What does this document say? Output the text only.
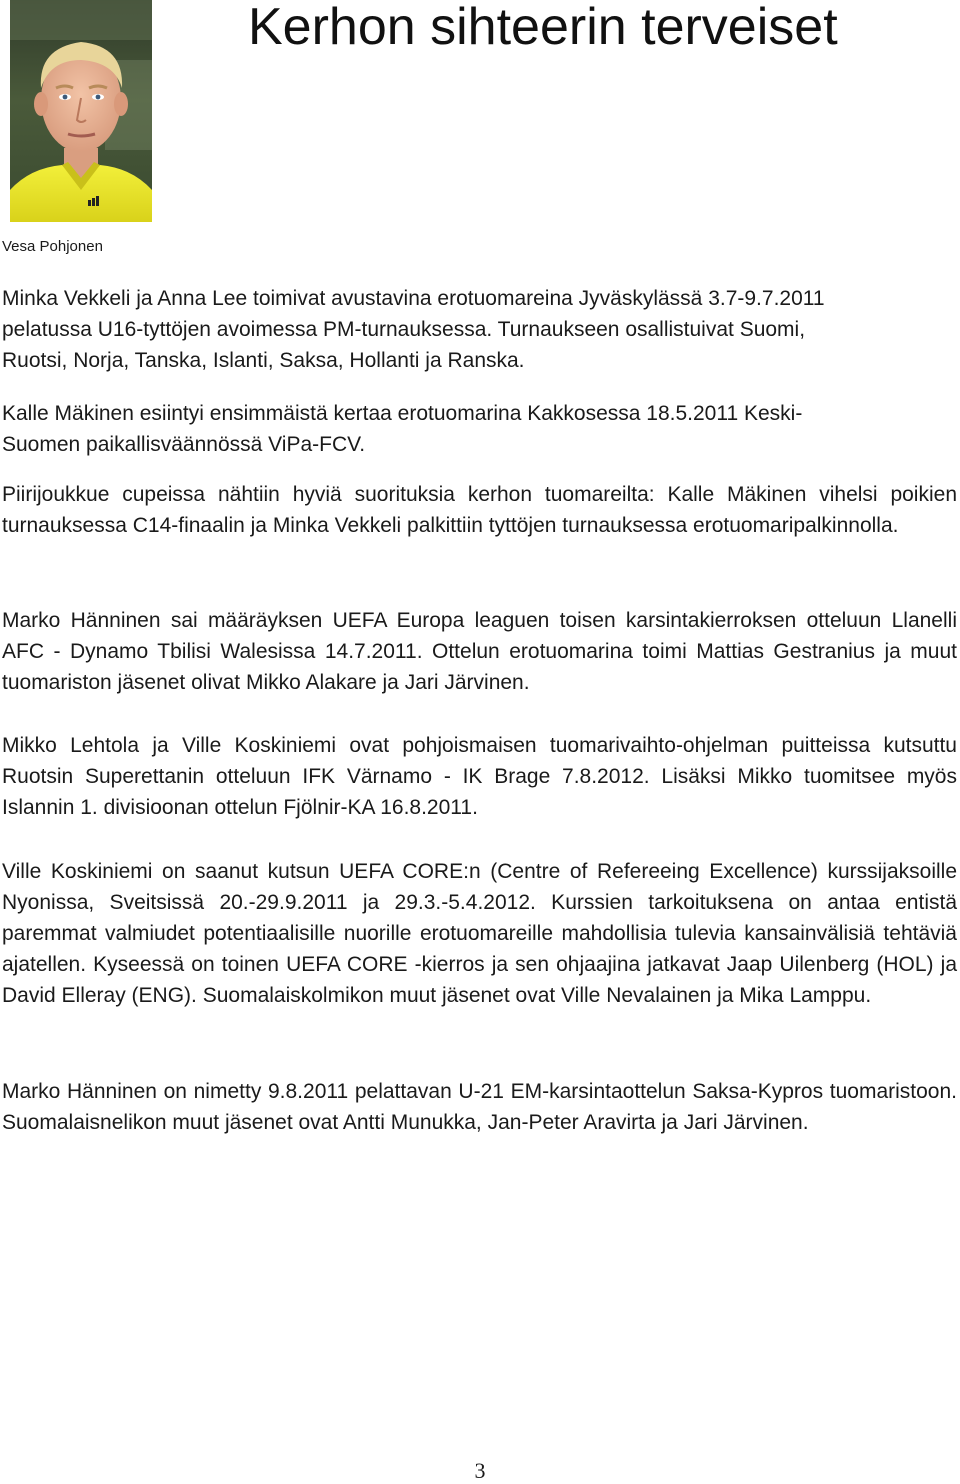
Kerhon sihteerin terveiset

Vesa Pohjonen

Minka Vekkeli ja Anna Lee toimivat avustavina erotuomareina Jyväskylässä 3.7-9.7.2011
pelatussa U16-tyttöjen avoimessa PM-turnauksessa. Turnaukseen osallistuivat Suomi,
Ruotsi, Norja, Tanska, Islanti, Saksa, Hollanti ja Ranska.

Kalle Mäkinen esiintyi ensimmäistä kertaa erotuomarina Kakkosessa 18.5.2011 Keski-
Suomen paikallisväännössä ViPa-FCV.

Piirijoukkue cupeissa nähtiin hyviä suorituksia kerhon tuomareilta: Kalle Mäkinen vihelsi poikien turnauksessa C14-finaalin ja Minka Vekkeli palkittiin tyttöjen turnauksessa erotuomaripalkinnolla.

Marko Hänninen sai määräyksen UEFA Europa leaguen toisen karsintakierroksen otteluun Llanelli AFC - Dynamo Tbilisi Walesissa 14.7.2011. Ottelun erotuomarina toimi Mattias Gestranius ja muut tuomariston jäsenet olivat Mikko Alakare ja Jari Järvinen.

Mikko Lehtola ja Ville Koskiniemi ovat pohjoismaisen tuomarivaihto-ohjelman puitteissa kutsuttu Ruotsin Superettanin otteluun IFK Värnamo - IK Brage 7.8.2012. Lisäksi Mikko tuomitsee myös Islannin 1. divisioonan ottelun Fjölnir-KA 16.8.2011.

Ville Koskiniemi on saanut kutsun UEFA CORE:n (Centre of Refereeing Excellence) kurssijaksoille Nyonissa, Sveitsissä 20.-29.9.2011 ja 29.3.-5.4.2012. Kurssien tarkoituksena on antaa entistä paremmat valmiudet potentiaalisille nuorille erotuomareille mahdollisia tulevia kansainvälisiä tehtäviä ajatellen. Kyseessä on toinen UEFA CORE -kierros ja sen ohjaajina jatkavat Jaap Uilenberg (HOL) ja David Elleray (ENG). Suomalaiskolmikon muut jäsenet ovat Ville Nevalainen ja Mika Lamppu.

Marko Hänninen on nimetty 9.8.2011 pelattavan U-21 EM-karsintaottelun Saksa-Kypros tuomaristoon. Suomalaisnelikon muut jäsenet ovat Antti Munukka, Jan-Peter Aravirta ja Jari Järvinen.

3
